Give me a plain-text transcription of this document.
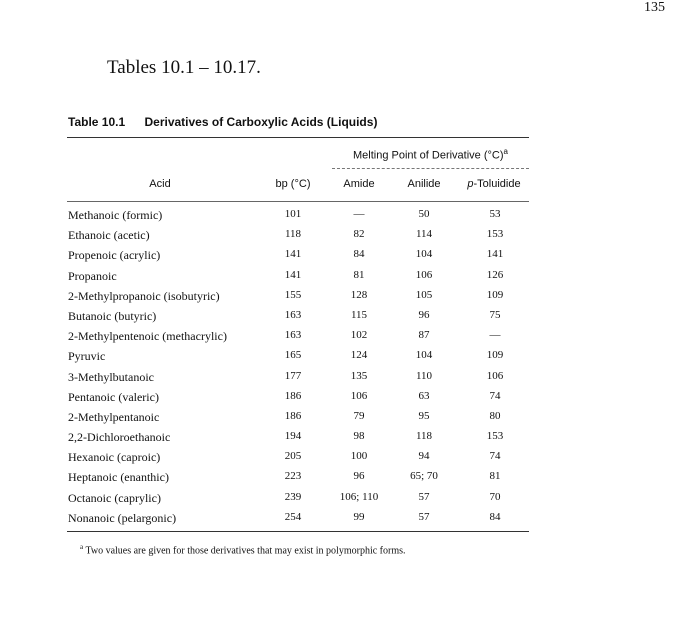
135
Tables 10.1 – 10.17.
Table 10.1 Derivatives of Carboxylic Acids (Liquids)
Melting Point of Derivative $(^\circ C)^a$
Acid	bp (°C)	Amide	Anilide	p-Toluidide
Methanoic (formic)	101	—	50	53
Ethanoic (acetic)	118	82	114	153
Propenoic (acrylic)	141	84	104	141
Propanoic	141	81	106	126
2-Methylpropanoic (isobutyric)	155	128	105	109
Butanoic (butyric)	163	115	96	75
2-Methylpentenoic (methacrylic)	163	102	87	—
Pyruvic	165	124	104	109
3-Methylbutanoic	177	135	110	106
Pentanoic (valeric)	186	106	63	74
2-Methylpentanoic	186	79	95	80
2,2-Dichloroethanoic	194	98	118	153
Hexanoic (caproic)	205	100	94	74
Heptanoic (enanthic)	223	96	65; 70	81
Octanoic (caprylic)	239	106; 110	57	70
Nonanoic (pelargonic)	254	99	57	84
$^a$ Two values are given for those derivatives that may exist in polymorphic forms.
